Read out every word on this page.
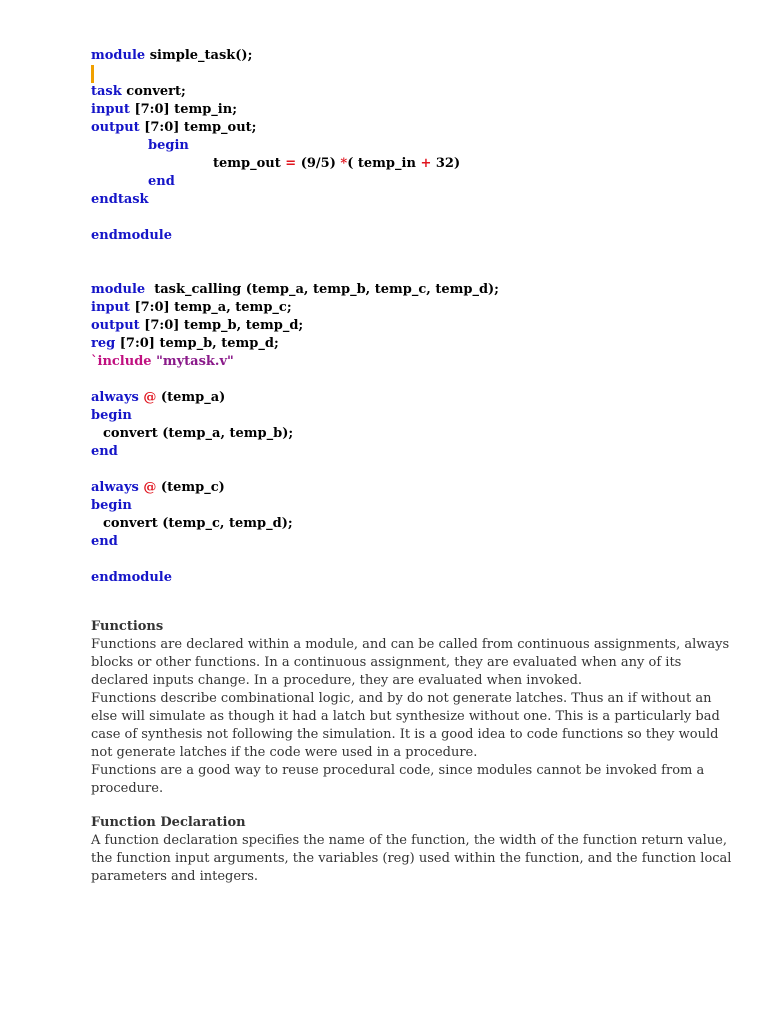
module simple_task();
task convert;
input [7:0] temp_in;
output [7:0] temp_out;
begin
temp_out = (9/5) *( temp_in + 32)
end
endtask
endmodule
module task_calling (temp_a, temp_b, temp_c, temp_d);
input [7:0] temp_a, temp_c;
output [7:0] temp_b, temp_d;
reg [7:0] temp_b, temp_d;
`include "mytask.v"
always @ (temp_a)
begin
convert (temp_a, temp_b);
end
always @ (temp_c)
begin
convert (temp_c, temp_d);
end
endmodule
Functions
Functions are declared within a module, and can be called from continuous assignments, always
blocks or other functions. In a continuous assignment, they are evaluated when any of its
declared inputs change. In a procedure, they are evaluated when invoked.
Functions describe combinational logic, and by do not generate latches. Thus an if without an
else will simulate as though it had a latch but synthesize without one. This is a particularly bad
case of synthesis not following the simulation. It is a good idea to code functions so they would
not generate latches if the code were used in a procedure.
Functions are a good way to reuse procedural code, since modules cannot be invoked from a
procedure.
Function Declaration
A function declaration specifies the name of the function, the width of the function return value,
the function input arguments, the variables (reg) used within the function, and the function local
parameters and integers.
